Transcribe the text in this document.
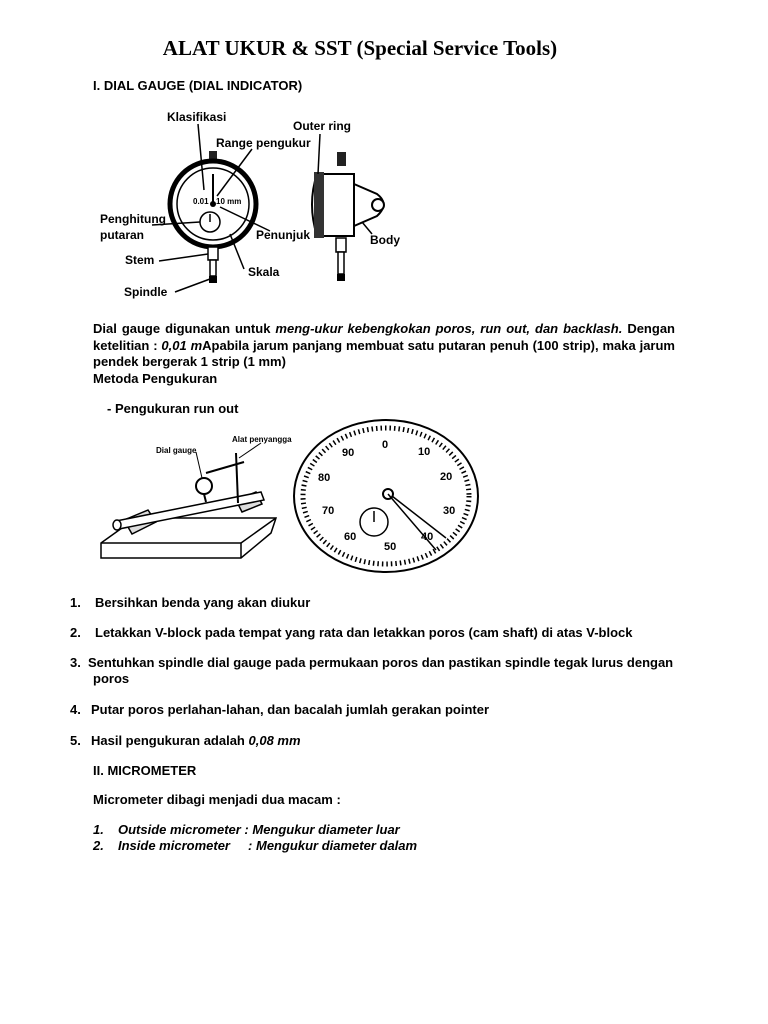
ALAT UKUR & SST (Special Service Tools)
I. DIAL GAUGE (DIAL INDICATOR)
0.01 10 mm
Klasifikasi
Outer ring
Range pengukur
Penghitung
putaran	Penunjuk	Body
Stem
Skala
Spindle
Dial gauge digunakan untuk meng-ukur kebengkokan poros, run out, dan backlash. Dengan ketelitian : 0,01 mApabila jarum panjang membuat satu putaran penuh (100 strip), maka jarum pendek bergerak 1 strip (1 mm)
Metoda Pengukuran
- Pengukuran run out
Dial gauge
Alat penyangga	0
10
20
30
40
50
60
70
80
90
1. Bersihkan benda yang akan diukur
2. Letakkan V-block pada tempat yang rata dan letakkan poros (cam shaft) di atas V-block
3. Sentuhkan spindle dial gauge pada permukaan poros dan pastikan spindle tegak lurus dengan
poros
4. Putar poros perlahan-lahan, dan bacalah jumlah gerakan pointer
5. Hasil pengukuran adalah 0,08 mm
II. MICROMETER
Micrometer dibagi menjadi dua macam :
1. Outside micrometer : Mengukur diameter luar
2. Inside micrometer     : Mengukur diameter dalam
